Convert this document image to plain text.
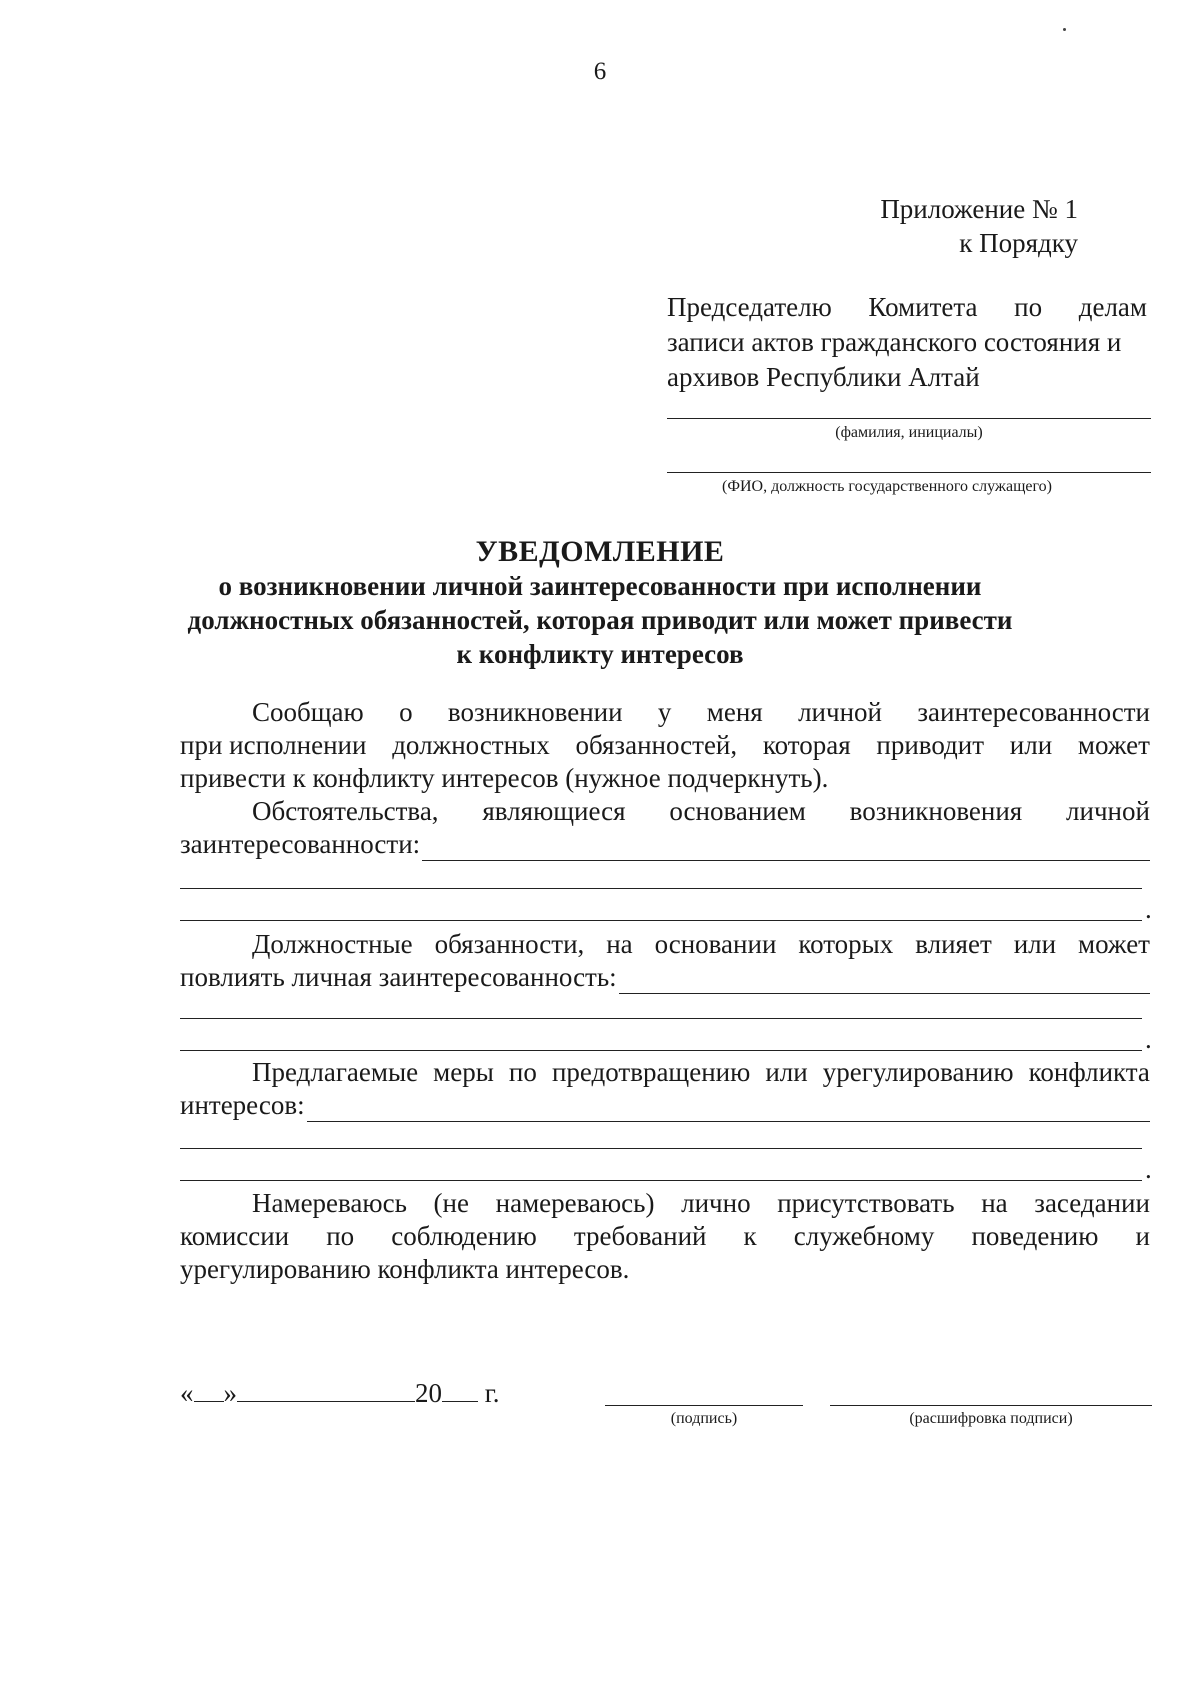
6
Приложение № 1
к Порядку
Председателю Комитета по делам
записи актов гражданского состояния и
архивов Республики Алтай
(фамилия, инициалы)
(ФИО, должность государственного служащего)
УВЕДОМЛЕНИЕ
о возникновении личной заинтересованности при исполнении
должностных обязанностей, которая приводит или может привести
к конфликту интересов
Сообщаю о возникновении у меня личной заинтересованности
при исполнении должностных обязанностей, которая приводит или может
привести к конфликту интересов (нужное подчеркнуть).
Обстоятельства, являющиеся основанием возникновения личной
заинтересованности:
.
Должностные обязанности, на основании которых влияет или может
повлиять личная заинтересованность:
.
Предлагаемые меры по предотвращению или урегулированию конфликта
интересов:
.
Намереваюсь (не намереваюсь) лично присутствовать на заседании
комиссии по соблюдению требований к служебному поведению и
урегулированию конфликта интересов.
« »	20 г.
(подпись)	(расшифровка подписи)
